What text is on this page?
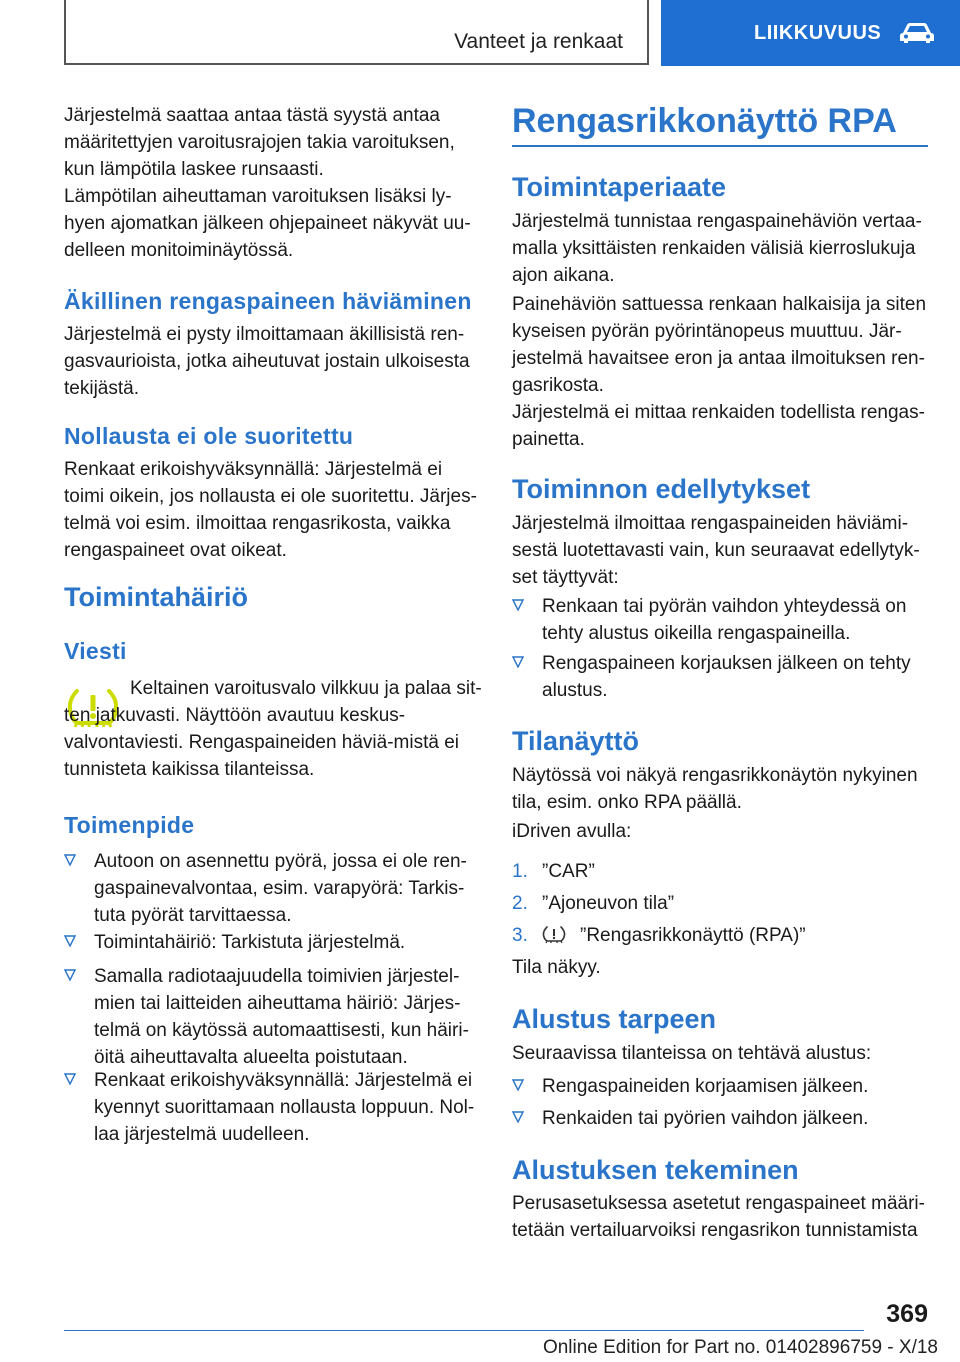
Vanteet ja renkaat	LIIKKUVUUS

Järjestelmä saattaa antaa tästä syystä antaa määritettyjen varoitusrajojen takia varoituksen, kun lämpötila laskee runsaasti.

Lämpötilan aiheuttaman varoituksen lisäksi ly-hyen ajomatkan jälkeen ohjepaineet näkyvät uu-delleen monitoiminäytössä.

Äkillinen rengaspaineen häviäminen

Järjestelmä ei pysty ilmoittamaan äkillisistä ren-gasvaurioista, jotka aiheutuvat jostain ulkoisesta tekijästä.

Nollausta ei ole suoritettu

Renkaat erikoishyväksynnällä: Järjestelmä ei toimi oikein, jos nollausta ei ole suoritettu. Järjes-telmä voi esim. ilmoittaa rengasrikosta, vaikka rengaspaineet ovat oikeat.

Toimintahäiriö
Viesti

Keltainen varoitusvalo vilkkuu ja palaa sit-ten jatkuvasti. Näyttöön avautuu keskus-valvontaviesti. Rengaspaineiden häviä-mistä ei tunnisteta kaikissa tilanteissa.

Toimenpide
Autoon on asennettu pyörä, jossa ei ole ren-gaspainevalvontaa, esim. varapyörä: Tarkis-tuta pyörät tarvittaessa.
Toimintahäiriö: Tarkistuta järjestelmä.
Samalla radiotaajuudella toimivien järjestel-mien tai laitteiden aiheuttama häiriö: Järjes-telmä on käytössä automaattisesti, kun häiri-öitä aiheuttavalta alueelta poistutaan.
Renkaat erikoishyväksynnällä: Järjestelmä ei kyennyt suorittamaan nollausta loppuun. Nol-laa järjestelmä uudelleen.
Rengasrikkonäyttö RPA
Toimintaperiaate

Järjestelmä tunnistaa rengaspainehäviön vertaa-malla yksittäisten renkaiden välisiä kierroslukuja ajon aikana.

Painehäviön sattuessa renkaan halkaisija ja siten kyseisen pyörän pyörintänopeus muuttuu. Jär-jestelmä havaitsee eron ja antaa ilmoituksen ren-gasrikosta.

Järjestelmä ei mittaa renkaiden todellista rengas-painetta.

Toiminnon edellytykset

Järjestelmä ilmoittaa rengaspaineiden häviämi-sestä luotettavasti vain, kun seuraavat edellytyk-set täyttyvät:

Renkaan tai pyörän vaihdon yhteydessä on tehty alustus oikeilla rengaspaineilla.
Rengaspaineen korjauksen jälkeen on tehty alustus.
Tilanäyttö

Näytössä voi näkyä rengasrikkonäytön nykyinen tila, esim. onko RPA päällä.

iDriven avulla:

1. ”CAR”
2. ”Ajoneuvon tila”
3.	”Rengasrikkonäyttö (RPA)”

Tila näkyy.

Alustus tarpeen

Seuraavissa tilanteissa on tehtävä alustus:

Rengaspaineiden korjaamisen jälkeen.
Renkaiden tai pyörien vaihdon jälkeen.
Alustuksen tekeminen

Perusasetuksessa asetetut rengaspaineet määri-tetään vertailuarvoiksi rengasrikon tunnistamista

369
Online Edition for Part no. 01402896759 - X/18
